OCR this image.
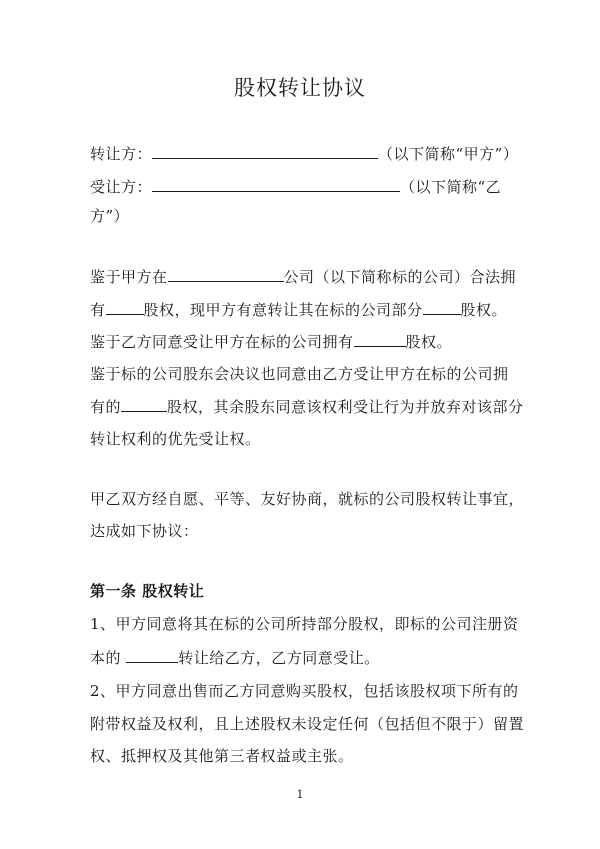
股权转让协议
转让方：	（以下简称“甲方”）
受让方：	（以下简称“乙
方”）
鉴于甲方在	公司（以下简称标的公司）合法拥
有	股权，现甲方有意转让其在标的公司部分	股权。
鉴于乙方同意受让甲方在标的公司拥有	股权。
鉴于标的公司股东会决议也同意由乙方受让甲方在标的公司拥
有的	股权，其余股东同意该权利受让行为并放弃对该部分
转让权利的优先受让权。
甲乙双方经自愿、平等、友好协商，就标的公司股权转让事宜，
达成如下协议：
第一条 股权转让
1、甲方同意将其在标的公司所持部分股权，即标的公司注册资
本的	转让给乙方，乙方同意受让。
2、甲方同意出售而乙方同意购买股权，包括该股权项下所有的
附带权益及权利，且上述股权未设定任何（包括但不限于）留置
权、抵押权及其他第三者权益或主张。
1
